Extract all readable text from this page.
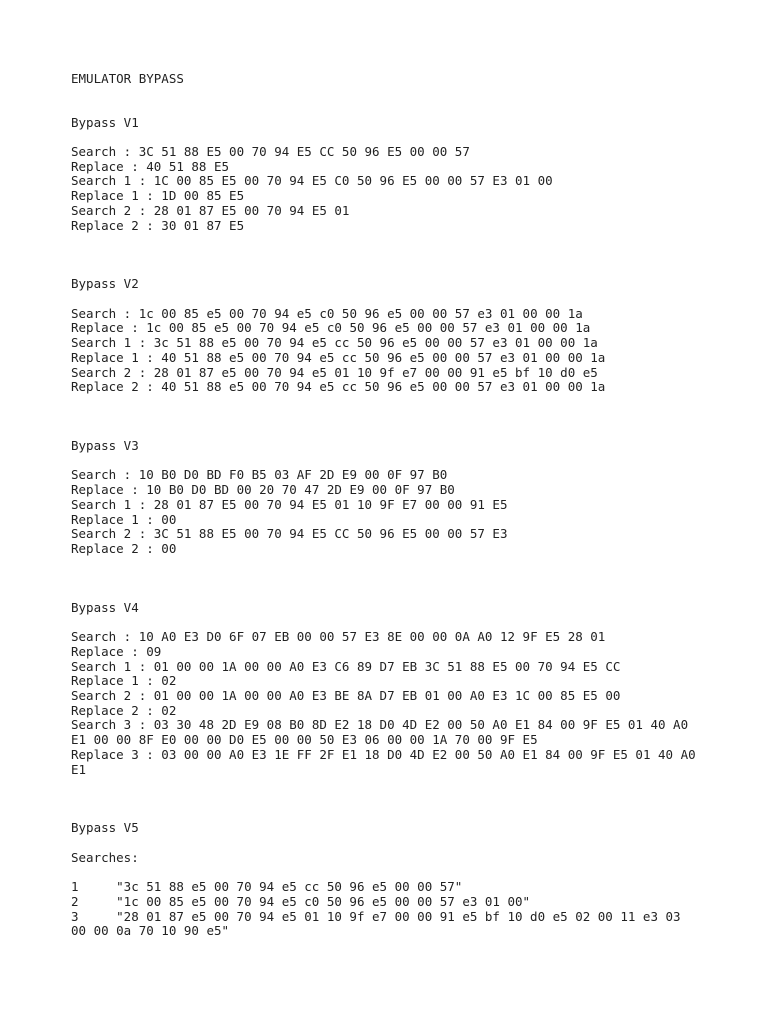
EMULATOR BYPASS
Bypass V1
Search : 3C 51 88 E5 00 70 94 E5 CC 50 96 E5 00 00 57
Replace : 40 51 88 E5
Search 1 : 1C 00 85 E5 00 70 94 E5 C0 50 96 E5 00 00 57 E3 01 00
Replace 1 : 1D 00 85 E5
Search 2 : 28 01 87 E5 00 70 94 E5 01
Replace 2 : 30 01 87 E5
Bypass V2
Search : 1c 00 85 e5 00 70 94 e5 c0 50 96 e5 00 00 57 e3 01 00 00 1a
Replace : 1c 00 85 e5 00 70 94 e5 c0 50 96 e5 00 00 57 e3 01 00 00 1a
Search 1 : 3c 51 88 e5 00 70 94 e5 cc 50 96 e5 00 00 57 e3 01 00 00 1a
Replace 1 : 40 51 88 e5 00 70 94 e5 cc 50 96 e5 00 00 57 e3 01 00 00 1a
Search 2 : 28 01 87 e5 00 70 94 e5 01 10 9f e7 00 00 91 e5 bf 10 d0 e5
Replace 2 : 40 51 88 e5 00 70 94 e5 cc 50 96 e5 00 00 57 e3 01 00 00 1a
Bypass V3
Search : 10 B0 D0 BD F0 B5 03 AF 2D E9 00 0F 97 B0
Replace : 10 B0 D0 BD 00 20 70 47 2D E9 00 0F 97 B0
Search 1 : 28 01 87 E5 00 70 94 E5 01 10 9F E7 00 00 91 E5
Replace 1 : 00
Search 2 : 3C 51 88 E5 00 70 94 E5 CC 50 96 E5 00 00 57 E3
Replace 2 : 00
Bypass V4
Search : 10 A0 E3 D0 6F 07 EB 00 00 57 E3 8E 00 00 0A A0 12 9F E5 28 01
Replace : 09
Search 1 : 01 00 00 1A 00 00 A0 E3 C6 89 D7 EB 3C 51 88 E5 00 70 94 E5 CC
Replace 1 : 02
Search 2 : 01 00 00 1A 00 00 A0 E3 BE 8A D7 EB 01 00 A0 E3 1C 00 85 E5 00
Replace 2 : 02
Search 3 : 03 30 48 2D E9 08 B0 8D E2 18 D0 4D E2 00 50 A0 E1 84 00 9F E5 01 40 A0 E1 00 00 8F E0 00 00 D0 E5 00 00 50 E3 06 00 00 1A 70 00 9F E5
Replace 3 : 03 00 00 A0 E3 1E FF 2F E1 18 D0 4D E2 00 50 A0 E1 84 00 9F E5 01 40 A0 E1
Bypass V5
Searches:
1	"3c 51 88 e5 00 70 94 e5 cc 50 96 e5 00 00 57"
2	"1c 00 85 e5 00 70 94 e5 c0 50 96 e5 00 00 57 e3 01 00"
3	"28 01 87 e5 00 70 94 e5 01 10 9f e7 00 00 91 e5 bf 10 d0 e5 02 00 11 e3 03 00 00 0a 70 10 90 e5"
